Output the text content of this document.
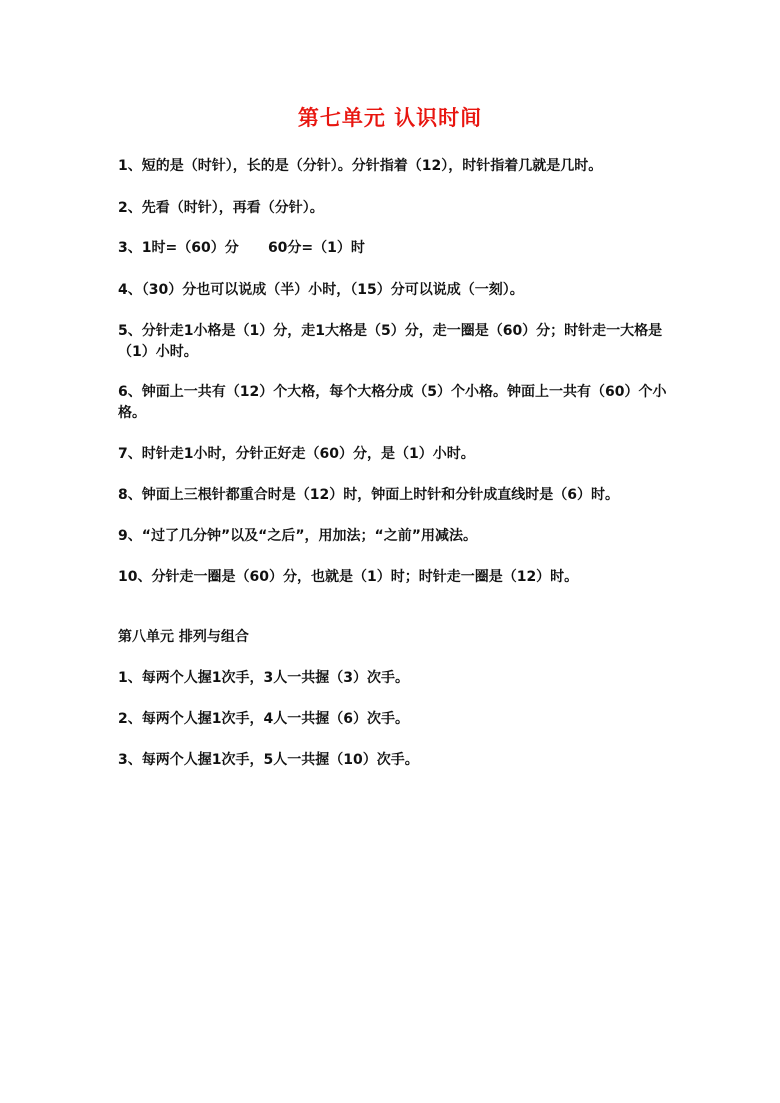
第七单元 认识时间
1、短的是（时针），长的是（分针）。分针指着（12），时针指着几就是几时。
2、先看（时针），再看（分针）。
3、1时=（60）分      60分=（1）时
4、（30）分也可以说成（半）小时，（15）分可以说成（一刻）。
5、分针走1小格是（1）分，走1大格是（5）分，走一圈是（60）分；时针走一大格是（1）小时。
6、钟面上一共有（12）个大格，每个大格分成（5）个小格。钟面上一共有（60）个小格。
7、时针走1小时，分针正好走（60）分，是（1）小时。
8、钟面上三根针都重合时是（12）时，钟面上时针和分针成直线时是（6）时。
9、“过了几分钟”以及“之后”，用加法；“之前”用减法。
10、分针走一圈是（60）分，也就是（1）时；时针走一圈是（12）时。
第八单元 排列与组合
1、每两个人握1次手，3人一共握（3）次手。
2、每两个人握1次手，4人一共握（6）次手。
3、每两个人握1次手，5人一共握（10）次手。
